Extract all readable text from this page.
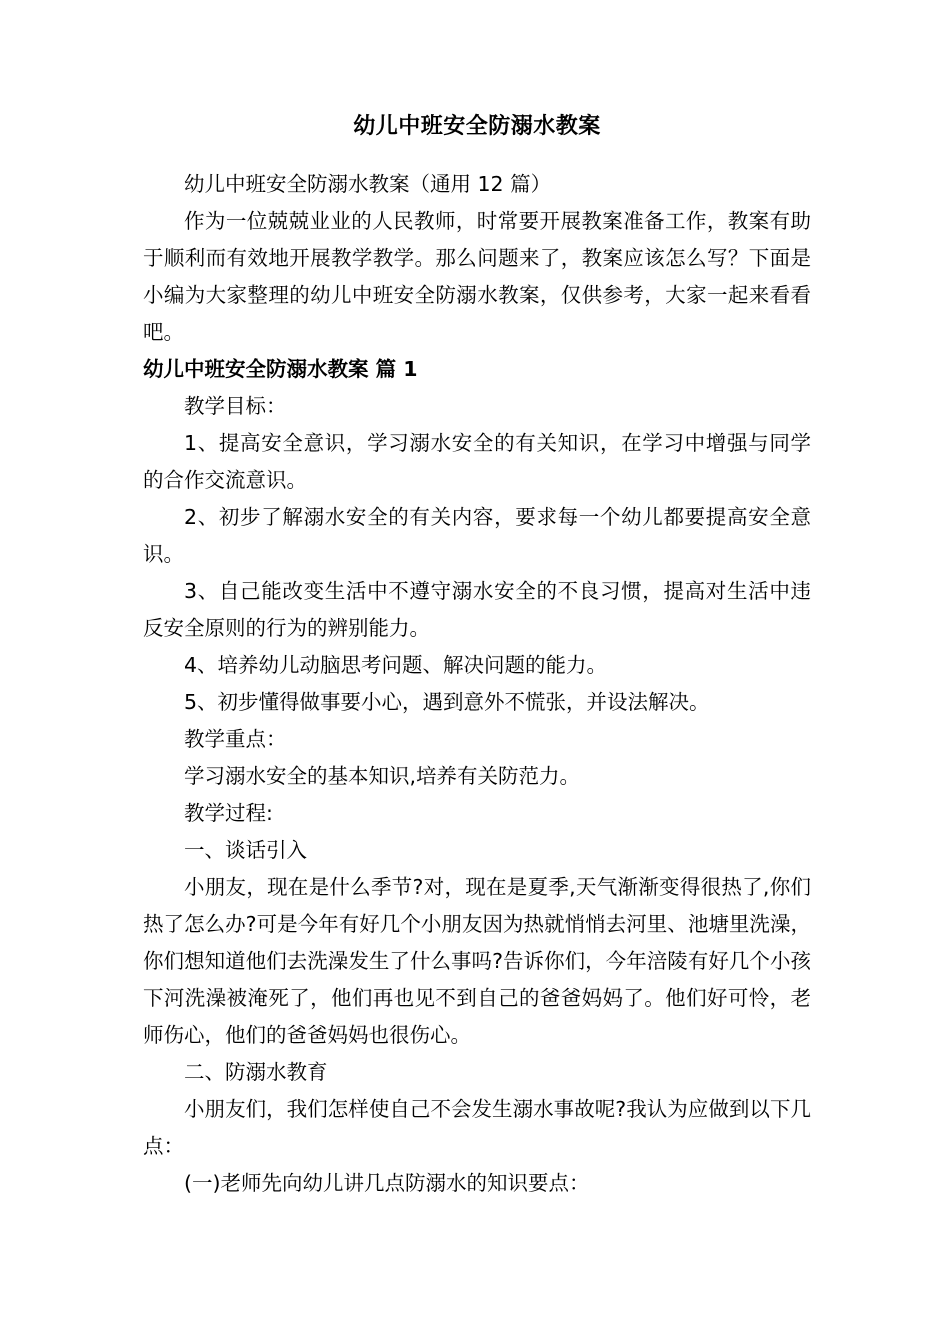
幼儿中班安全防溺水教案

幼儿中班安全防溺水教案（通用 12 篇）

作为一位兢兢业业的人民教师，时常要开展教案准备工作，教案有助于顺利而有效地开展教学教学。那么问题来了，教案应该怎么写？下面是小编为大家整理的幼儿中班安全防溺水教案，仅供参考，大家一起来看看吧。

幼儿中班安全防溺水教案 篇 1

教学目标：

1、提高安全意识，学习溺水安全的有关知识，在学习中增强与同学的合作交流意识。

2、初步了解溺水安全的有关内容，要求每一个幼儿都要提高安全意识。

3、自己能改变生活中不遵守溺水安全的不良习惯，提高对生活中违反安全原则的行为的辨别能力。

4、培养幼儿动脑思考问题、解决问题的能力。

5、初步懂得做事要小心，遇到意外不慌张，并设法解决。

教学重点：

学习溺水安全的基本知识,培养有关防范力。

教学过程:

一、谈话引入

小朋友，现在是什么季节?对，现在是夏季,天气渐渐变得很热了,你们热了怎么办?可是今年有好几个小朋友因为热就悄悄去河里、池塘里洗澡，你们想知道他们去洗澡发生了什么事吗?告诉你们，今年涪陵有好几个小孩下河洗澡被淹死了，他们再也见不到自己的爸爸妈妈了。他们好可怜，老师伤心，他们的爸爸妈妈也很伤心。

二、防溺水教育

小朋友们，我们怎样使自己不会发生溺水事故呢?我认为应做到以下几点：

(一)老师先向幼儿讲几点防溺水的知识要点：
